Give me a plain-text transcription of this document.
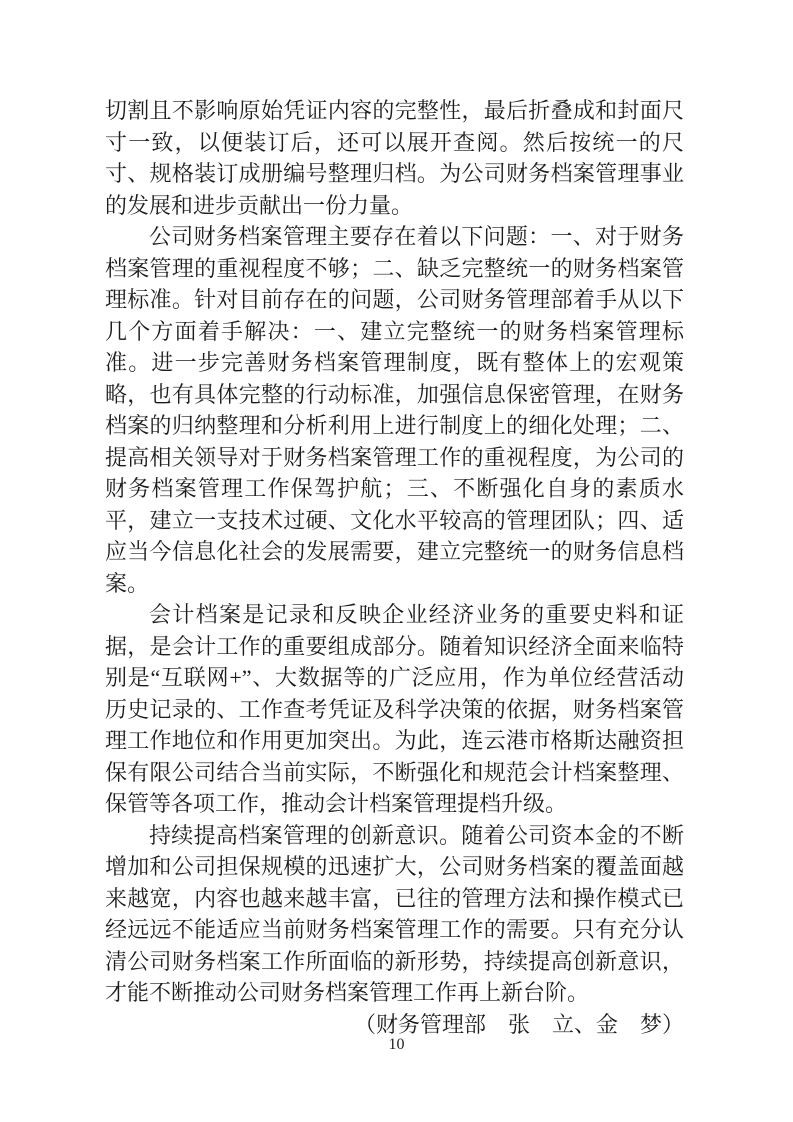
切割且不影响原始凭证内容的完整性，最后折叠成和封面尺寸一致，以便装订后，还可以展开查阅。然后按统一的尺寸、规格装订成册编号整理归档。为公司财务档案管理事业的发展和进步贡献出一份力量。

公司财务档案管理主要存在着以下问题：一、对于财务档案管理的重视程度不够；二、缺乏完整统一的财务档案管理标准。针对目前存在的问题，公司财务管理部着手从以下几个方面着手解决：一、建立完整统一的财务档案管理标准。进一步完善财务档案管理制度，既有整体上的宏观策略，也有具体完整的行动标准，加强信息保密管理，在财务档案的归纳整理和分析利用上进行制度上的细化处理；二、提高相关领导对于财务档案管理工作的重视程度，为公司的财务档案管理工作保驾护航；三、不断强化自身的素质水平，建立一支技术过硬、文化水平较高的管理团队；四、适应当今信息化社会的发展需要，建立完整统一的财务信息档案。

会计档案是记录和反映企业经济业务的重要史料和证据，是会计工作的重要组成部分。随着知识经济全面来临特别是“互联网+”、大数据等的广泛应用，作为单位经营活动历史记录的、工作查考凭证及科学决策的依据，财务档案管理工作地位和作用更加突出。为此，连云港市格斯达融资担保有限公司结合当前实际，不断强化和规范会计档案整理、保管等各项工作，推动会计档案管理提档升级。

持续提高档案管理的创新意识。随着公司资本金的不断增加和公司担保规模的迅速扩大，公司财务档案的覆盖面越来越宽，内容也越来越丰富，已往的管理方法和操作模式已经远远不能适应当前财务档案管理工作的需要。只有充分认清公司财务档案工作所面临的新形势，持续提高创新意识，才能不断推动公司财务档案管理工作再上新台阶。

（财务管理部　张　立、金　梦）

10
